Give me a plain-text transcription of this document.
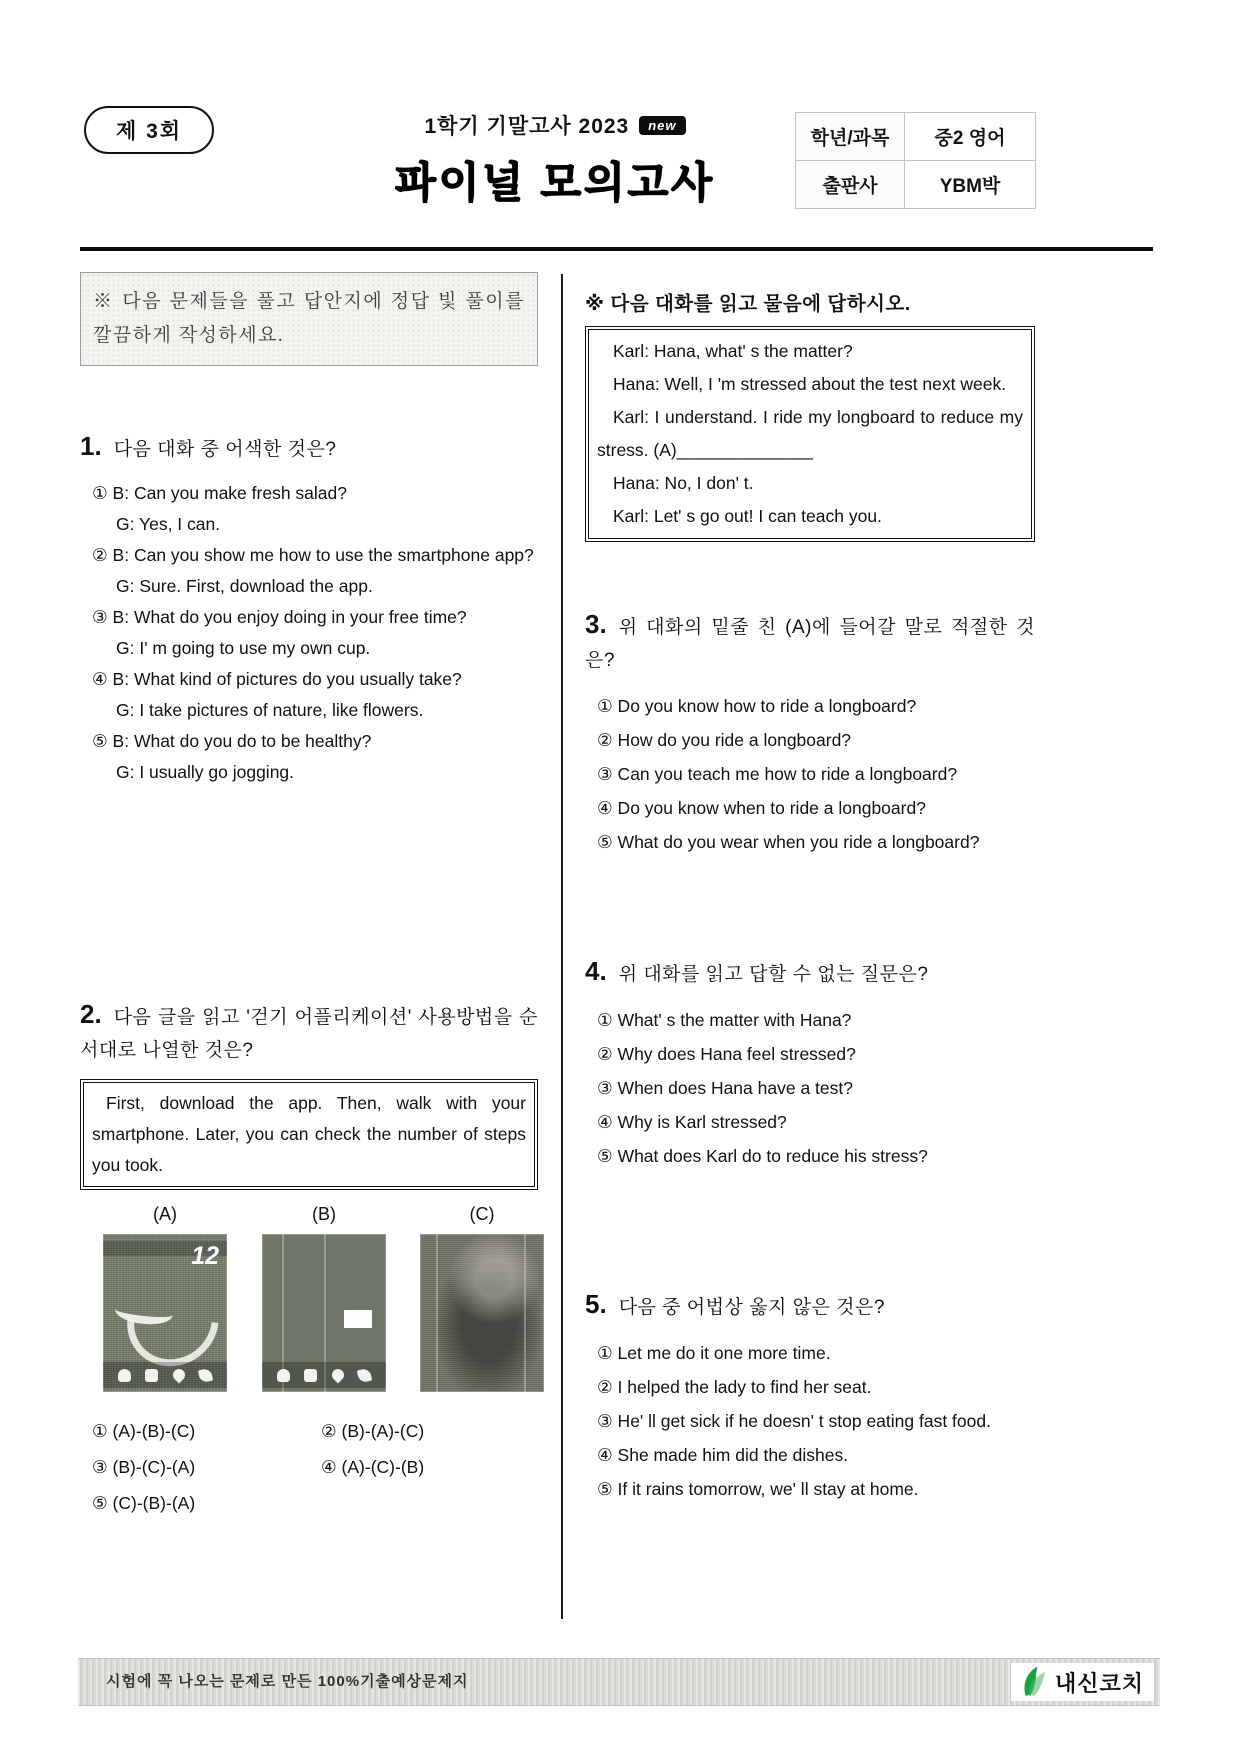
제 3회	1학기 기말고사 2023 new
파이널 모의고사
학년/과목	중2 영어
출판사	YBM박
※ 다음 문제들을 풀고 답안지에 정답 빛 풀이를 깔끔하게 작성하세요.

1. 다음 대화 중 어색한 것은?

① B: Can you make fresh salad?

G: Yes, I can.

② B: Can you show me how to use the smartphone app?

G: Sure. First, download the app.

③ B: What do you enjoy doing in your free time?

G: I' m going to use my own cup.

④ B: What kind of pictures do you usually take?

G: I take pictures of nature, like flowers.

⑤ B: What do you do to be healthy?

G: I usually go jogging.

2. 다음 글을 읽고 '걷기 어플리케이션' 사용방법을 순서대로 나열한 것은?

First, download the app. Then, walk with your smartphone. Later, you can check the number of steps you took.

(A)	(B)	(C)
12

① (A)-(B)-(C)	② (B)-(A)-(C)

③ (B)-(C)-(A)	④ (A)-(C)-(B)

⑤ (C)-(B)-(A)

※ 다음 대화를 읽고 물음에 답하시오.

Karl: Hana, what' s the matter?

Hana: Well, I 'm stressed about the test next week.

Karl: I understand. I ride my longboard to reduce my stress. (A)______________

Hana: No, I don' t.

Karl: Let' s go out! I can teach you.

3. 위 대화의 밑줄 친 (A)에 들어갈 말로 적절한 것은?

① Do you know how to ride a longboard?

② How do you ride a longboard?

③ Can you teach me how to ride a longboard?

④ Do you know when to ride a longboard?

⑤ What do you wear when you ride a longboard?

4. 위 대화를 읽고 답할 수 없는 질문은?

① What' s the matter with Hana?

② Why does Hana feel stressed?

③ When does Hana have a test?

④ Why is Karl stressed?

⑤ What does Karl do to reduce his stress?

5. 다음 중 어법상 옳지 않은 것은?

① Let me do it one more time.

② I helped the lady to find her seat.

③ He' ll get sick if he doesn' t stop eating fast food.

④ She made him did the dishes.

⑤ If it rains tomorrow, we' ll stay at home.

시험에 꼭 나오는 문제로 만든 100%기출예상문제지	내신코치
